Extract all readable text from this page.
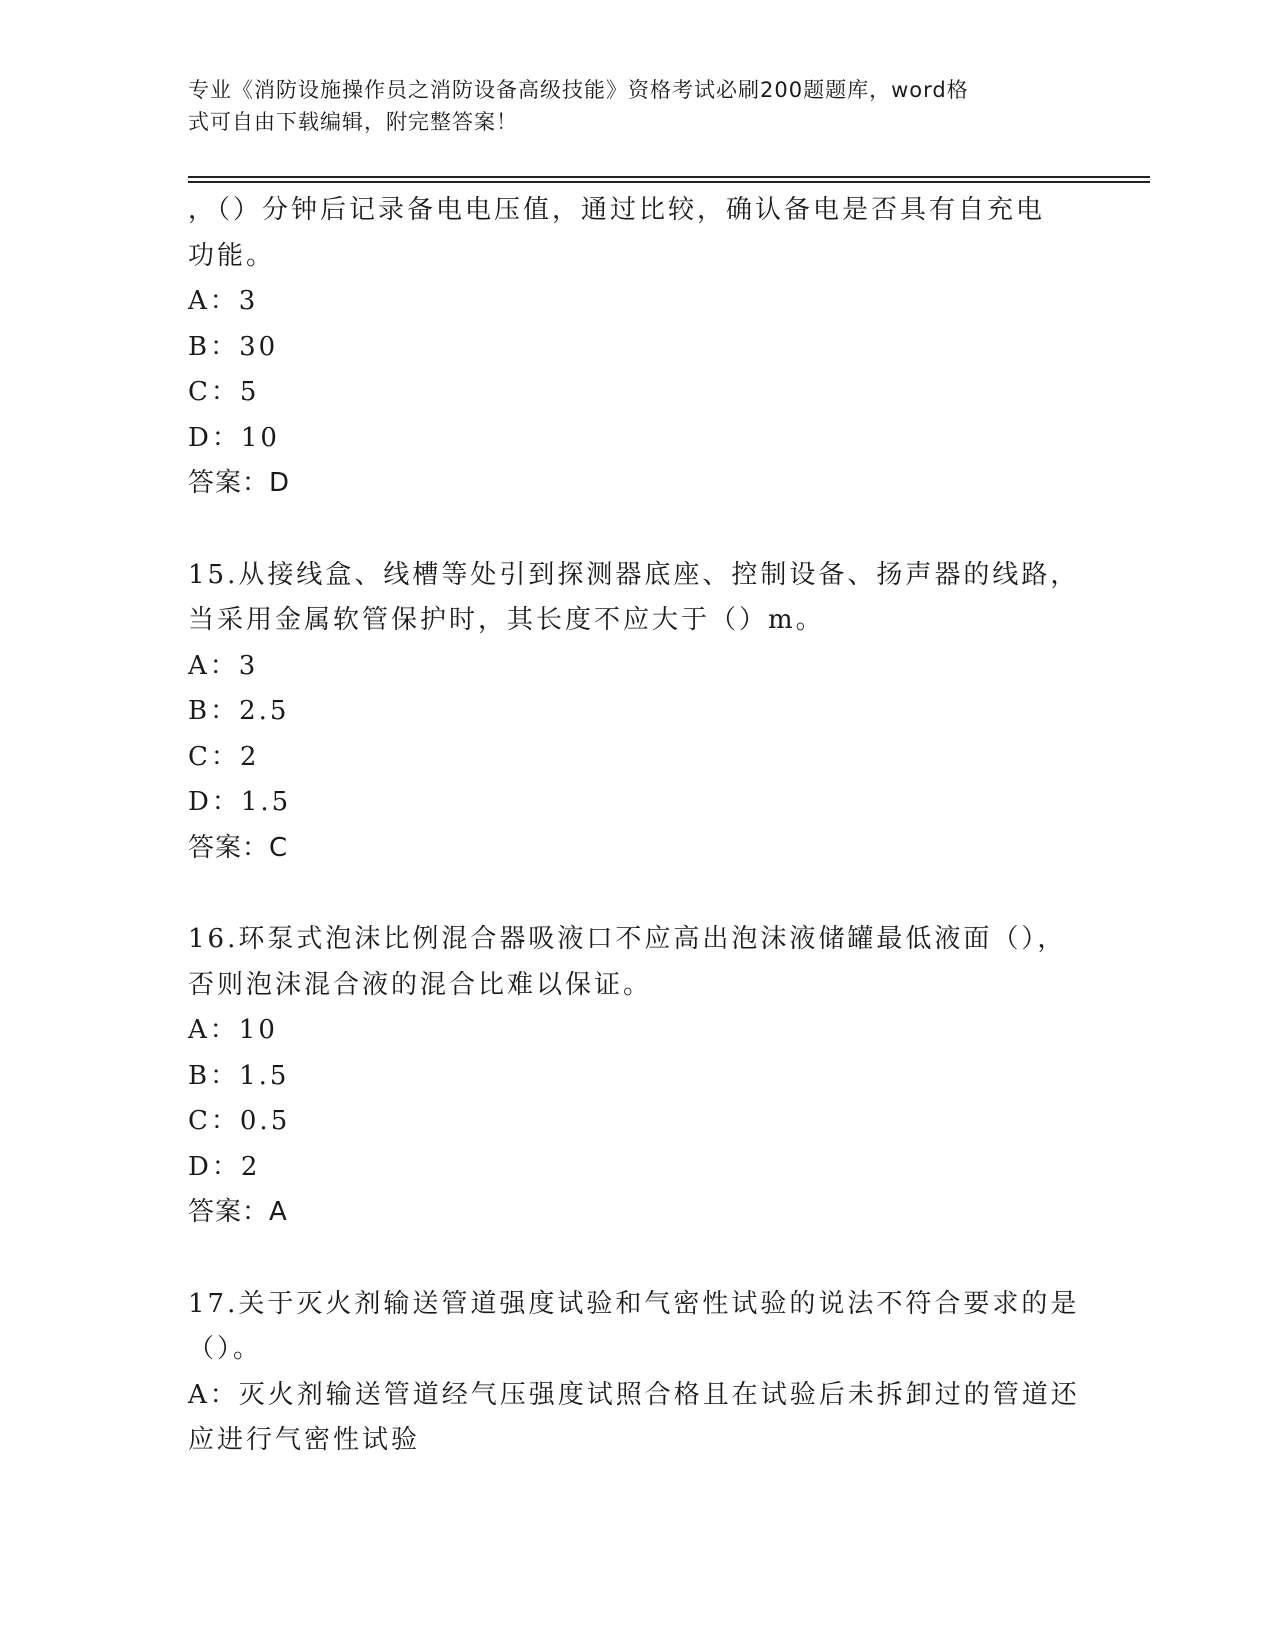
专业《消防设施操作员之消防设备高级技能》资格考试必刷200题题库，word格
式可自由下载编辑，附完整答案！
，（）分钟后记录备电电压值，通过比较，确认备电是否具有自充电
功能。
A：3
B：30
C：5
D：10
答案：D
15.从接线盒、线槽等处引到探测器底座、控制设备、扬声器的线路，
当采用金属软管保护时，其长度不应大于（）m。
A：3
B：2.5
C：2
D：1.5
答案：C
16.环泵式泡沫比例混合器吸液口不应高出泡沫液储罐最低液面（），
否则泡沫混合液的混合比难以保证。
A：10
B：1.5
C：0.5
D：2
答案：A
17.关于灭火剂输送管道强度试验和气密性试验的说法不符合要求的是
（）。
A：灭火剂输送管道经气压强度试照合格且在试验后未拆卸过的管道还
应进行气密性试验
